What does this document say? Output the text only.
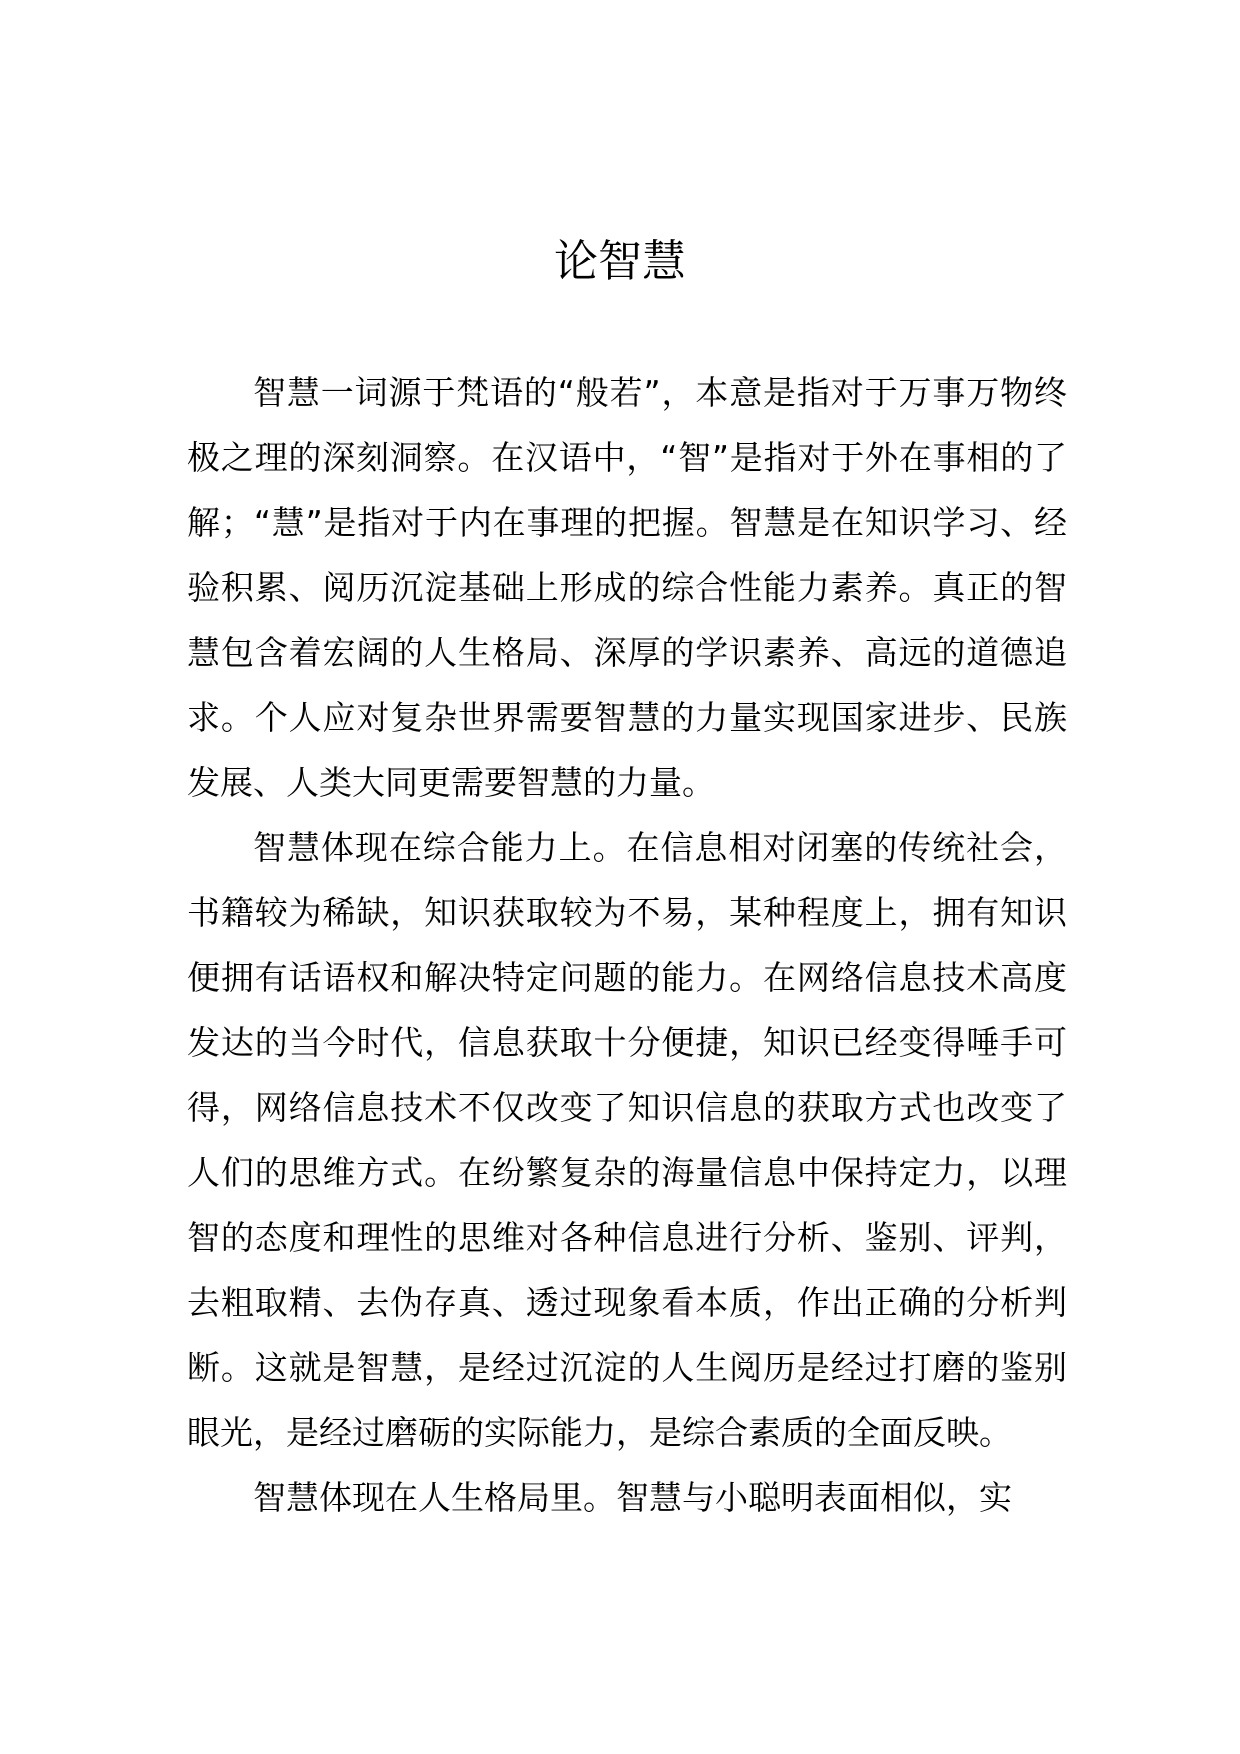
论智慧

智慧一词源于梵语的“般若”，本意是指对于万事万物终极之理的深刻洞察。在汉语中，“智”是指对于外在事相的了解；“慧”是指对于内在事理的把握。智慧是在知识学习、经验积累、阅历沉淀基础上形成的综合性能力素养。真正的智慧包含着宏阔的人生格局、深厚的学识素养、高远的道德追求。个人应对复杂世界需要智慧的力量实现国家进步、民族发展、人类大同更需要智慧的力量。

智慧体现在综合能力上。在信息相对闭塞的传统社会，书籍较为稀缺，知识获取较为不易，某种程度上，拥有知识便拥有话语权和解决特定问题的能力。在网络信息技术高度发达的当今时代，信息获取十分便捷，知识已经变得唾手可得，网络信息技术不仅改变了知识信息的获取方式也改变了人们的思维方式。在纷繁复杂的海量信息中保持定力，以理智的态度和理性的思维对各种信息进行分析、鉴别、评判，去粗取精、去伪存真、透过现象看本质，作出正确的分析判断。这就是智慧，是经过沉淀的人生阅历是经过打磨的鉴别眼光，是经过磨砺的实际能力，是综合素质的全面反映。

智慧体现在人生格局里。智慧与小聪明表面相似，实
